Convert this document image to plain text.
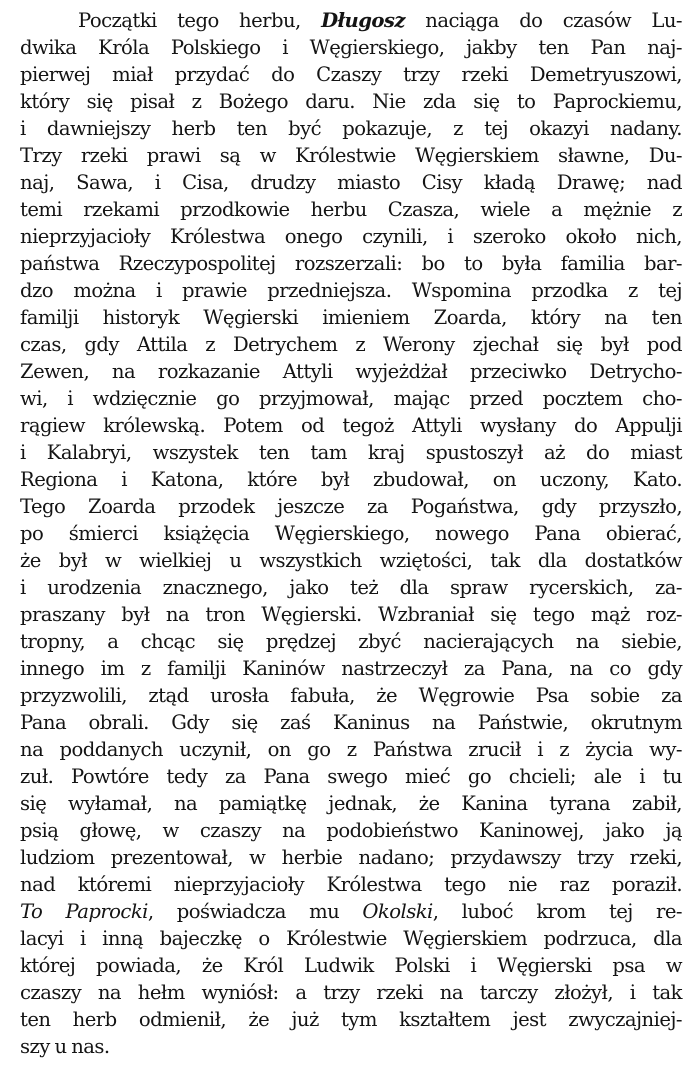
Początki tego herbu, Długosz naciąga do czasów Lu-
dwika Króla Polskiego i Węgierskiego, jakby ten Pan naj-
pierwej miał przydać do Czaszy trzy rzeki Demetryuszowi,
który się pisał z Bożego daru. Nie zda się to Paprockiemu,
i dawniejszy herb ten być pokazuje, z tej okazyi nadany.
Trzy rzeki prawi są w Królestwie Węgierskiem sławne, Du-
naj, Sawa, i Cisa, drudzy miasto Cisy kładą Drawę; nad
temi rzekami przodkowie herbu Czasza, wiele a mężnie z
nieprzyjacioły Królestwa onego czynili, i szeroko około nich,
państwa Rzeczypospolitej rozszerzali: bo to była familia bar-
dzo można i prawie przedniejsza. Wspomina przodka z tej
familji historyk Węgierski imieniem Zoarda, który na ten
czas, gdy Attila z Detrychem z Werony zjechał się był pod
Zewen, na rozkazanie Attyli wyjeżdżał przeciwko Detrycho-
wi, i wdzięcznie go przyjmował, mając przed pocztem cho-
rągiew królewską. Potem od tegoż Attyli wysłany do Appulji
i Kalabryi, wszystek ten tam kraj spustoszył aż do miast
Regiona i Katona, które był zbudował, on uczony, Kato.
Tego Zoarda przodek jeszcze za Pogaństwa, gdy przyszło,
po śmierci książęcia Węgierskiego, nowego Pana obierać,
że był w wielkiej u wszystkich wziętości, tak dla dostatków
i urodzenia znacznego, jako też dla spraw rycerskich, za-
praszany był na tron Węgierski. Wzbraniał się tego mąż roz-
tropny, a chcąc się prędzej zbyć nacierających na siebie,
innego im z familji Kaninów nastrzeczył za Pana, na co gdy
przyzwolili, ztąd urosła fabuła, że Węgrowie Psa sobie za
Pana obrali. Gdy się zaś Kaninus na Państwie, okrutnym
na poddanych uczynił, on go z Państwa zrucił i z życia wy-
zuł. Powtóre tedy za Pana swego mieć go chcieli; ale i tu
się wyłamał, na pamiątkę jednak, że Kanina tyrana zabił,
psią głowę, w czaszy na podobieństwo Kaninowej, jako ją
ludziom prezentował, w herbie nadano; przydawszy trzy rzeki,
nad któremi nieprzyjacioły Królestwa tego nie raz poraził.
To Paprocki, poświadcza mu Okolski, luboć krom tej re-
lacyi i inną bajeczkę o Królestwie Węgierskiem podrzuca, dla
której powiada, że Król Ludwik Polski i Węgierski psa w
czaszy na hełm wyniósł: a trzy rzeki na tarczy złożył, i tak
ten herb odmienił, że już tym kształtem jest zwyczajniej-
szy u nas.
